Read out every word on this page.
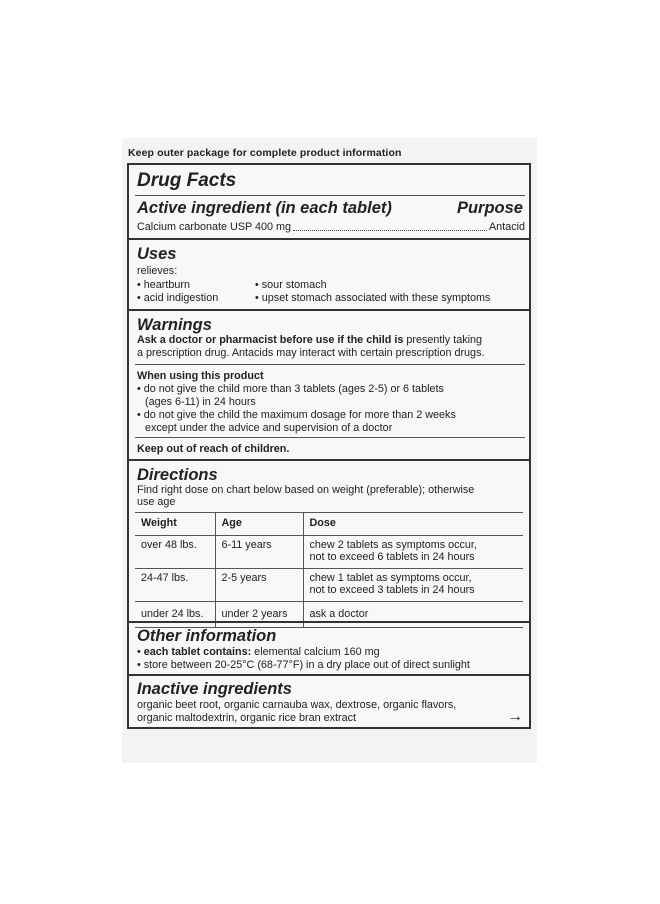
Keep outer package for complete product information
Drug Facts
Active ingredient (in each tablet)	Purpose
Calcium carbonate USP 400 mg	Antacid
Uses
relieves:
• heartburn	• sour stomach
• acid indigestion	• upset stomach associated with these symptoms
Warnings
Ask a doctor or pharmacist before use if the child is presently taking
a prescription drug. Antacids may interact with certain prescription drugs.
When using this product
• do not give the child more than 3 tablets (ages 2-5) or 6 tablets
(ages 6-11) in 24 hours
• do not give the child the maximum dosage for more than 2 weeks
except under the advice and supervision of a doctor
Keep out of reach of children.
Directions
Find right dose on chart below based on weight (preferable); otherwise
use age
Weight	Age	Dose
over 48 lbs.	6-11 years	chew 2 tablets as symptoms occur,
not to exceed 6 tablets in 24 hours

24-47 lbs.	2-5 years	chew 1 tablet as symptoms occur,
not to exceed 3 tablets in 24 hours

under 24 lbs.	under 2 years	ask a doctor
Other information
• each tablet contains: elemental calcium 160 mg
• store between 20-25°C (68-77°F) in a dry place out of direct sunlight
Inactive ingredients
organic beet root, organic carnauba wax, dextrose, organic flavors,
organic maltodextrin, organic rice bran extract	→
